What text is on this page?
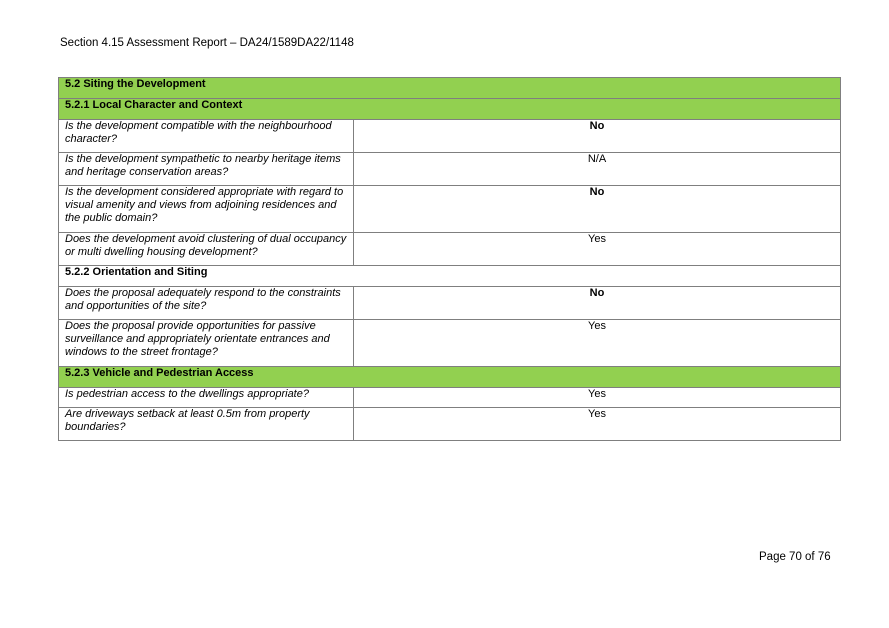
Section 4.15 Assessment Report – DA24/1589DA22/1148
5.2 Siting the Development	
5.2.1 Local Character and Context	
Is the development compatible with the neighbourhood character?	No
Is the development sympathetic to nearby heritage items and heritage conservation areas?	N/A
Is the development considered appropriate with regard to visual amenity and views from adjoining residences and the public domain?	No
Does the development avoid clustering of dual occupancy or multi dwelling housing development?	Yes
5.2.2 Orientation and Siting	
Does the proposal adequately respond to the constraints and opportunities of the site?	No
Does the proposal provide opportunities for passive surveillance and appropriately orientate entrances and windows to the street frontage?	Yes
5.2.3 Vehicle and Pedestrian Access	
Is pedestrian access to the dwellings appropriate?	Yes
Are driveways setback at least 0.5m from property boundaries?	Yes
Page 70 of 76
